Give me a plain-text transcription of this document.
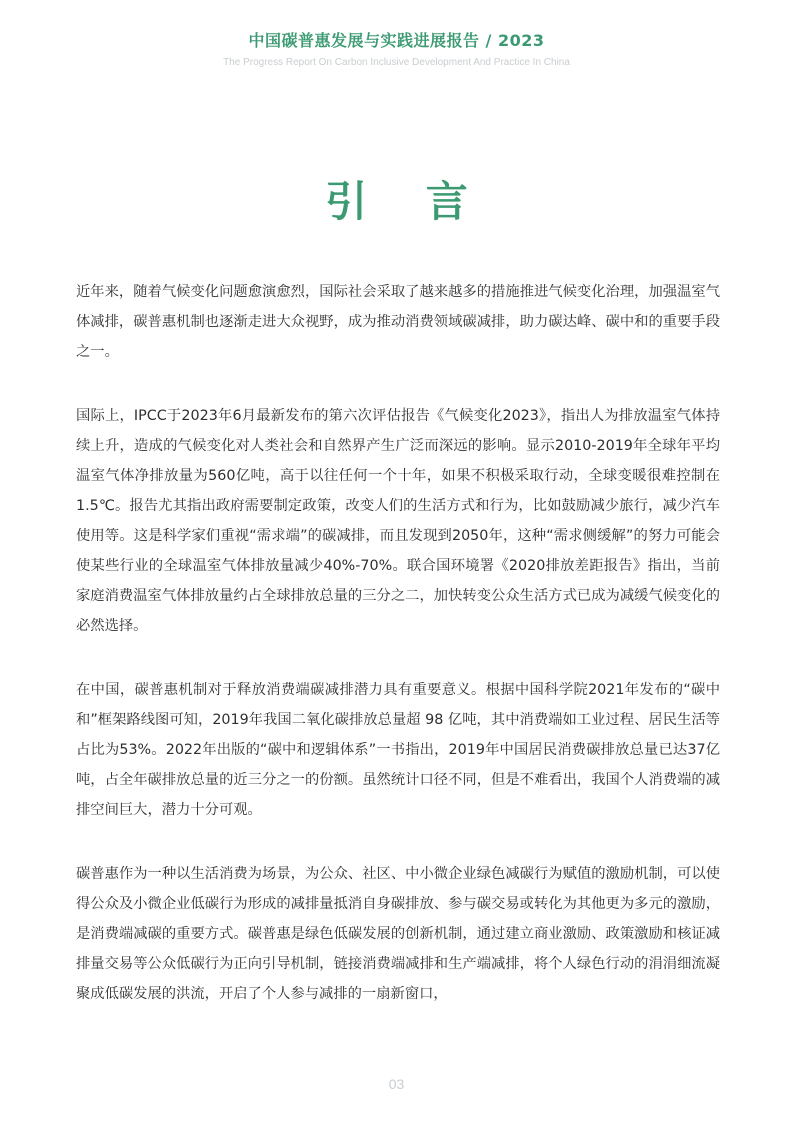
中国碳普惠发展与实践进展报告 / 2023
The Progress Report On Carbon Inclusive Development And Practice In China
引 言

近年来，随着气候变化问题愈演愈烈，国际社会采取了越来越多的措施推进气候变化治理，加强温室气体减排，碳普惠机制也逐渐走进大众视野，成为推动消费领域碳减排，助力碳达峰、碳中和的重要手段之一。

国际上，IPCC于2023年6月最新发布的第六次评估报告《气候变化2023》，指出人为排放温室气体持续上升，造成的气候变化对人类社会和自然界产生广泛而深远的影响。显示2010-2019年全球年平均温室气体净排放量为560亿吨，高于以往任何一个十年，如果不积极采取行动，全球变暖很难控制在1.5℃。报告尤其指出政府需要制定政策，改变人们的生活方式和行为，比如鼓励减少旅行，减少汽车使用等。这是科学家们重视“需求端”的碳减排，而且发现到2050年，这种“需求侧缓解”的努力可能会使某些行业的全球温室气体排放量减少40%-70%。联合国环境署《2020排放差距报告》指出，当前家庭消费温室气体排放量约占全球排放总量的三分之二，加快转变公众生活方式已成为减缓气候变化的必然选择。

在中国，碳普惠机制对于释放消费端碳减排潜力具有重要意义。根据中国科学院2021年发布的“碳中和”框架路线图可知，2019年我国二氧化碳排放总量超 98 亿吨，其中消费端如工业过程、居民生活等占比为53%。2022年出版的“碳中和逻辑体系”一书指出，2019年中国居民消费碳排放总量已达37亿吨，占全年碳排放总量的近三分之一的份额。虽然统计口径不同，但是不难看出，我国个人消费端的减排空间巨大，潜力十分可观。

碳普惠作为一种以生活消费为场景，为公众、社区、中小微企业绿色减碳行为赋值的激励机制，可以使得公众及小微企业低碳行为形成的减排量抵消自身碳排放、参与碳交易或转化为其他更为多元的激励，是消费端减碳的重要方式。碳普惠是绿色低碳发展的创新机制，通过建立商业激励、政策激励和核证减排量交易等公众低碳行为正向引导机制，链接消费端减排和生产端减排，将个人绿色行动的涓涓细流凝聚成低碳发展的洪流，开启了个人参与减排的一扇新窗口，

03
